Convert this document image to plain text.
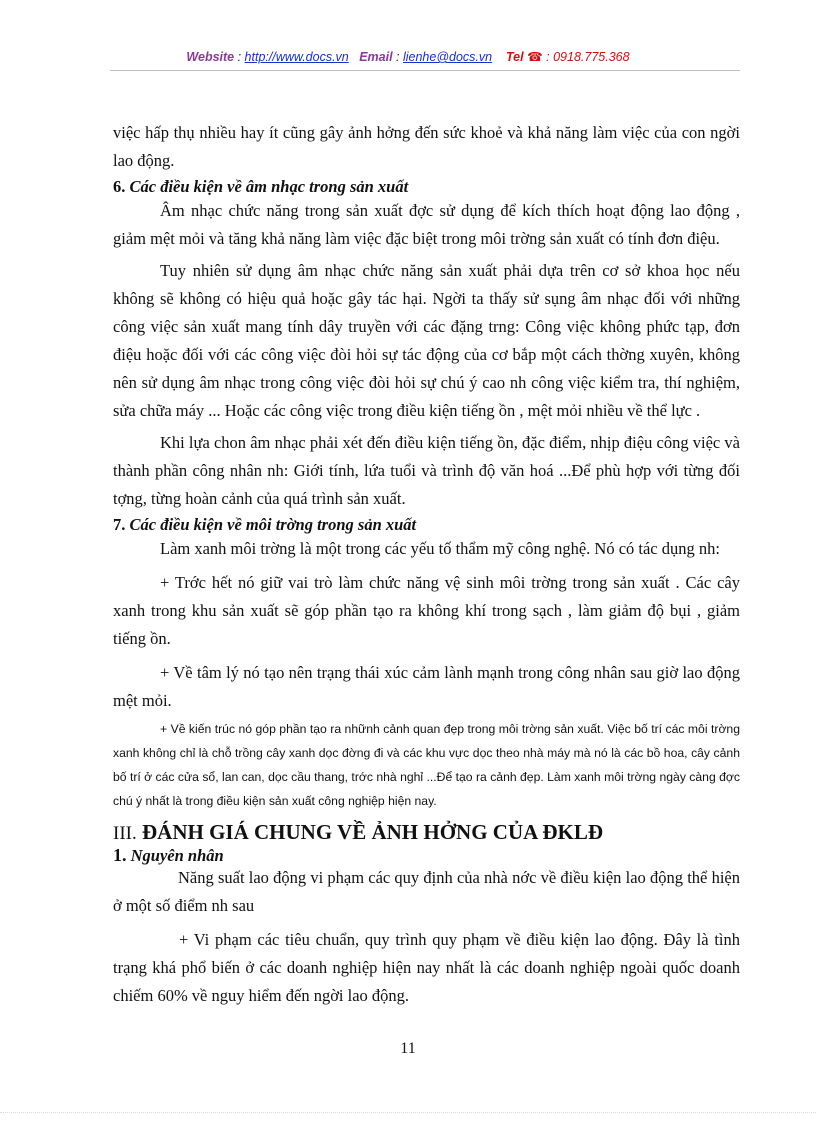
Website : http://www.docs.vn Email : lienhe@docs.vn Tel ☎ : 0918.775.368

việc hấp thụ nhiều hay ít cũng gây ảnh hởng đến sức khoẻ và khả năng làm việc của con ngời lao động.

6. Các điều kiện về âm nhạc trong sản xuất

Âm nhạc chức năng trong sản xuất đợc sử dụng để kích thích hoạt động lao động , giảm mệt mỏi và tăng khả năng làm việc đặc biệt trong môi trờng sản xuất có tính đơn điệu.

Tuy nhiên sử dụng âm nhạc chức năng sản xuất phải dựa trên cơ sở khoa học nếu không sẽ không có hiệu quả hoặc gây tác hại. Ngời ta thấy sử sụng âm nhạc đối với những công việc sản xuất mang tính dây truyền với các đặng trng: Công việc không phức tạp, đơn điệu hoặc đối với các công việc đòi hỏi sự tác động của cơ bắp một cách thờng xuyên, không nên sử dụng âm nhạc trong công việc đòi hỏi sự chú ý cao nh công việc kiểm tra, thí nghiệm, sửa chữa máy ... Hoặc các công việc trong điều kiện tiếng ồn , mệt mỏi nhiều về thể lực .

Khi lựa chon âm nhạc phải xét đến điều kiện tiếng ồn, đặc điểm, nhịp điệu công việc và thành phần công nhân nh: Giới tính, lứa tuổi và trình độ văn hoá ...Để phù hợp với từng đối tợng, từng hoàn cảnh của quá trình sản xuất.

7. Các điều kiện về môi trờng trong sản xuất

Làm xanh môi trờng là một trong các yếu tố thẩm mỹ công nghệ. Nó có tác dụng nh:

+ Trớc hết nó giữ vai trò làm chức năng vệ sinh môi trờng trong sản xuất . Các cây xanh trong khu sản xuất sẽ góp phần tạo ra không khí trong sạch , làm giảm độ bụi , giảm tiếng ồn.

+ Về tâm lý nó tạo nên trạng thái xúc cảm lành mạnh trong công nhân sau giờ lao động mệt mỏi.

+ Về kiến trúc nó góp phần tạo ra nhữnh cảnh quan đẹp trong môi trờng sản xuất. Việc bố trí các môi trờng xanh không chỉ là chỗ trồng cây xanh dọc đờng đi và các khu vực dọc theo nhà máy mà nó là các bồ hoa, cây cảnh bố trí ở các cửa sổ, lan can, dọc cầu thang, trớc nhà nghỉ ...Để tạo ra cảnh đẹp. Làm xanh môi trờng ngày càng đợc chú ý nhất là trong điều kiện sản xuất công nghiệp hiện nay.

III. ĐÁNH GIÁ CHUNG VỀ ẢNH HỞNG CỦA ĐKLĐ
1. Nguyên nhân

Năng suất lao động vi phạm các quy định của nhà nớc về điều kiện lao động thể hiện ở một số điểm nh sau

+ Vi phạm các tiêu chuẩn, quy trình quy phạm về điều kiện lao động. Đây là tình trạng khá phổ biến ở các doanh nghiệp hiện nay nhất là các doanh nghiệp ngoài quốc doanh chiếm 60% về nguy hiểm đến ngời lao động.

11
